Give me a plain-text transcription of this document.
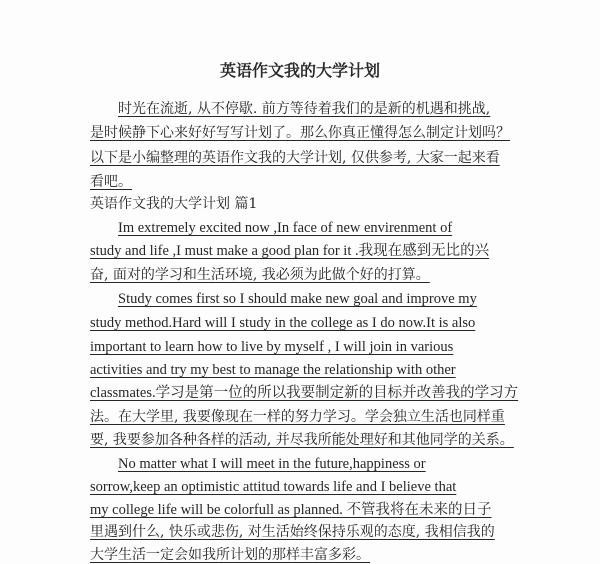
英语作文我的大学计划
时光在流逝, 从不停歇. 前方等待着我们的是新的机遇和挑战,
是时候静下心来好好写写计划了。那么你真正懂得怎么制定计划吗？
以下是小编整理的英语作文我的大学计划, 仅供参考, 大家一起来看
看吧。
英语作文我的大学计划 篇1
Im extremely excited now ,In face of new envirenment of
study and life ,I must make a good plan for it .我现在感到无比的兴
奋, 面对的学习和生活环境, 我必须为此做个好的打算。
Study comes first so I should make new goal and improve my
study method.Hard will I study in the college as I do now.It is also
important to learn how to live by myself , I will join in various
activities and try my best to manage the relationship with other
classmates.学习是第一位的所以我要制定新的目标并改善我的学习方
法。在大学里, 我要像现在一样的努力学习。学会独立生活也同样重
要, 我要参加各种各样的活动, 并尽我所能处理好和其他同学的关系。
No matter what I will meet in the future,happiness or
sorrow,keep an optimistic attitud towards life and I believe that
my college life will be colorfull as planned. 不管我将在未来的日子
里遇到什么, 快乐或悲伤, 对生活始终保持乐观的态度, 我相信我的
大学生活一定会如我所计划的那样丰富多彩。
